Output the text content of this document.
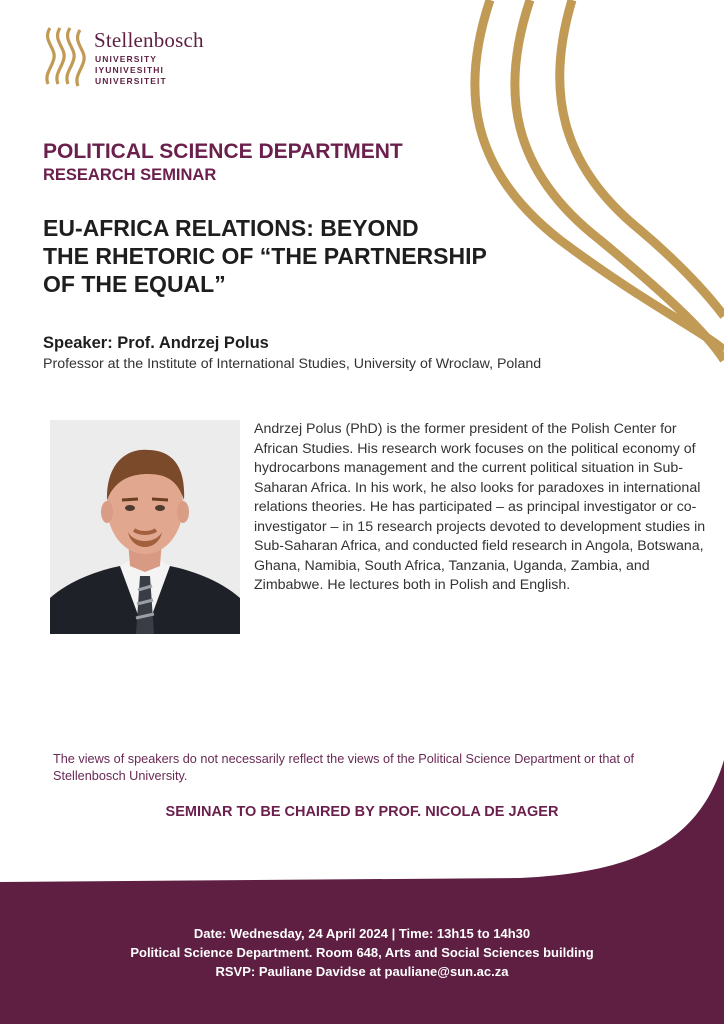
Stellenbosch
UNIVERSITY
IYUNIVESITHI
UNIVERSITEIT
POLITICAL SCIENCE DEPARTMENT
RESEARCH SEMINAR
EU-AFRICA RELATIONS: BEYOND
THE RHETORIC OF “THE PARTNERSHIP
OF THE EQUAL”
Speaker: Prof. Andrzej Polus
Professor at the Institute of International Studies, University of Wroclaw, Poland

Andrzej Polus (PhD) is the former president of the Polish Center for African Studies. His research work focuses on the political economy of hydrocarbons management and the current political situation in Sub-Saharan Africa. In his work, he also looks for paradoxes in international relations theories. He has participated – as principal investigator or co-investigator – in 15 research projects devoted to development studies in Sub-Saharan Africa, and conducted field research in Angola, Botswana, Ghana, Namibia, South Africa, Tanzania, Uganda, Zambia, and Zimbabwe. He lectures both in Polish and English.

The views of speakers do not necessarily reflect the views of the Political Science Department or that of Stellenbosch University.

SEMINAR TO BE CHAIRED BY PROF. NICOLA DE JAGER
Date: Wednesday, 24 April 2024 | Time: 13h15 to 14h30
Political Science Department. Room 648, Arts and Social Sciences building
RSVP: Pauliane Davidse at pauliane@sun.ac.za
